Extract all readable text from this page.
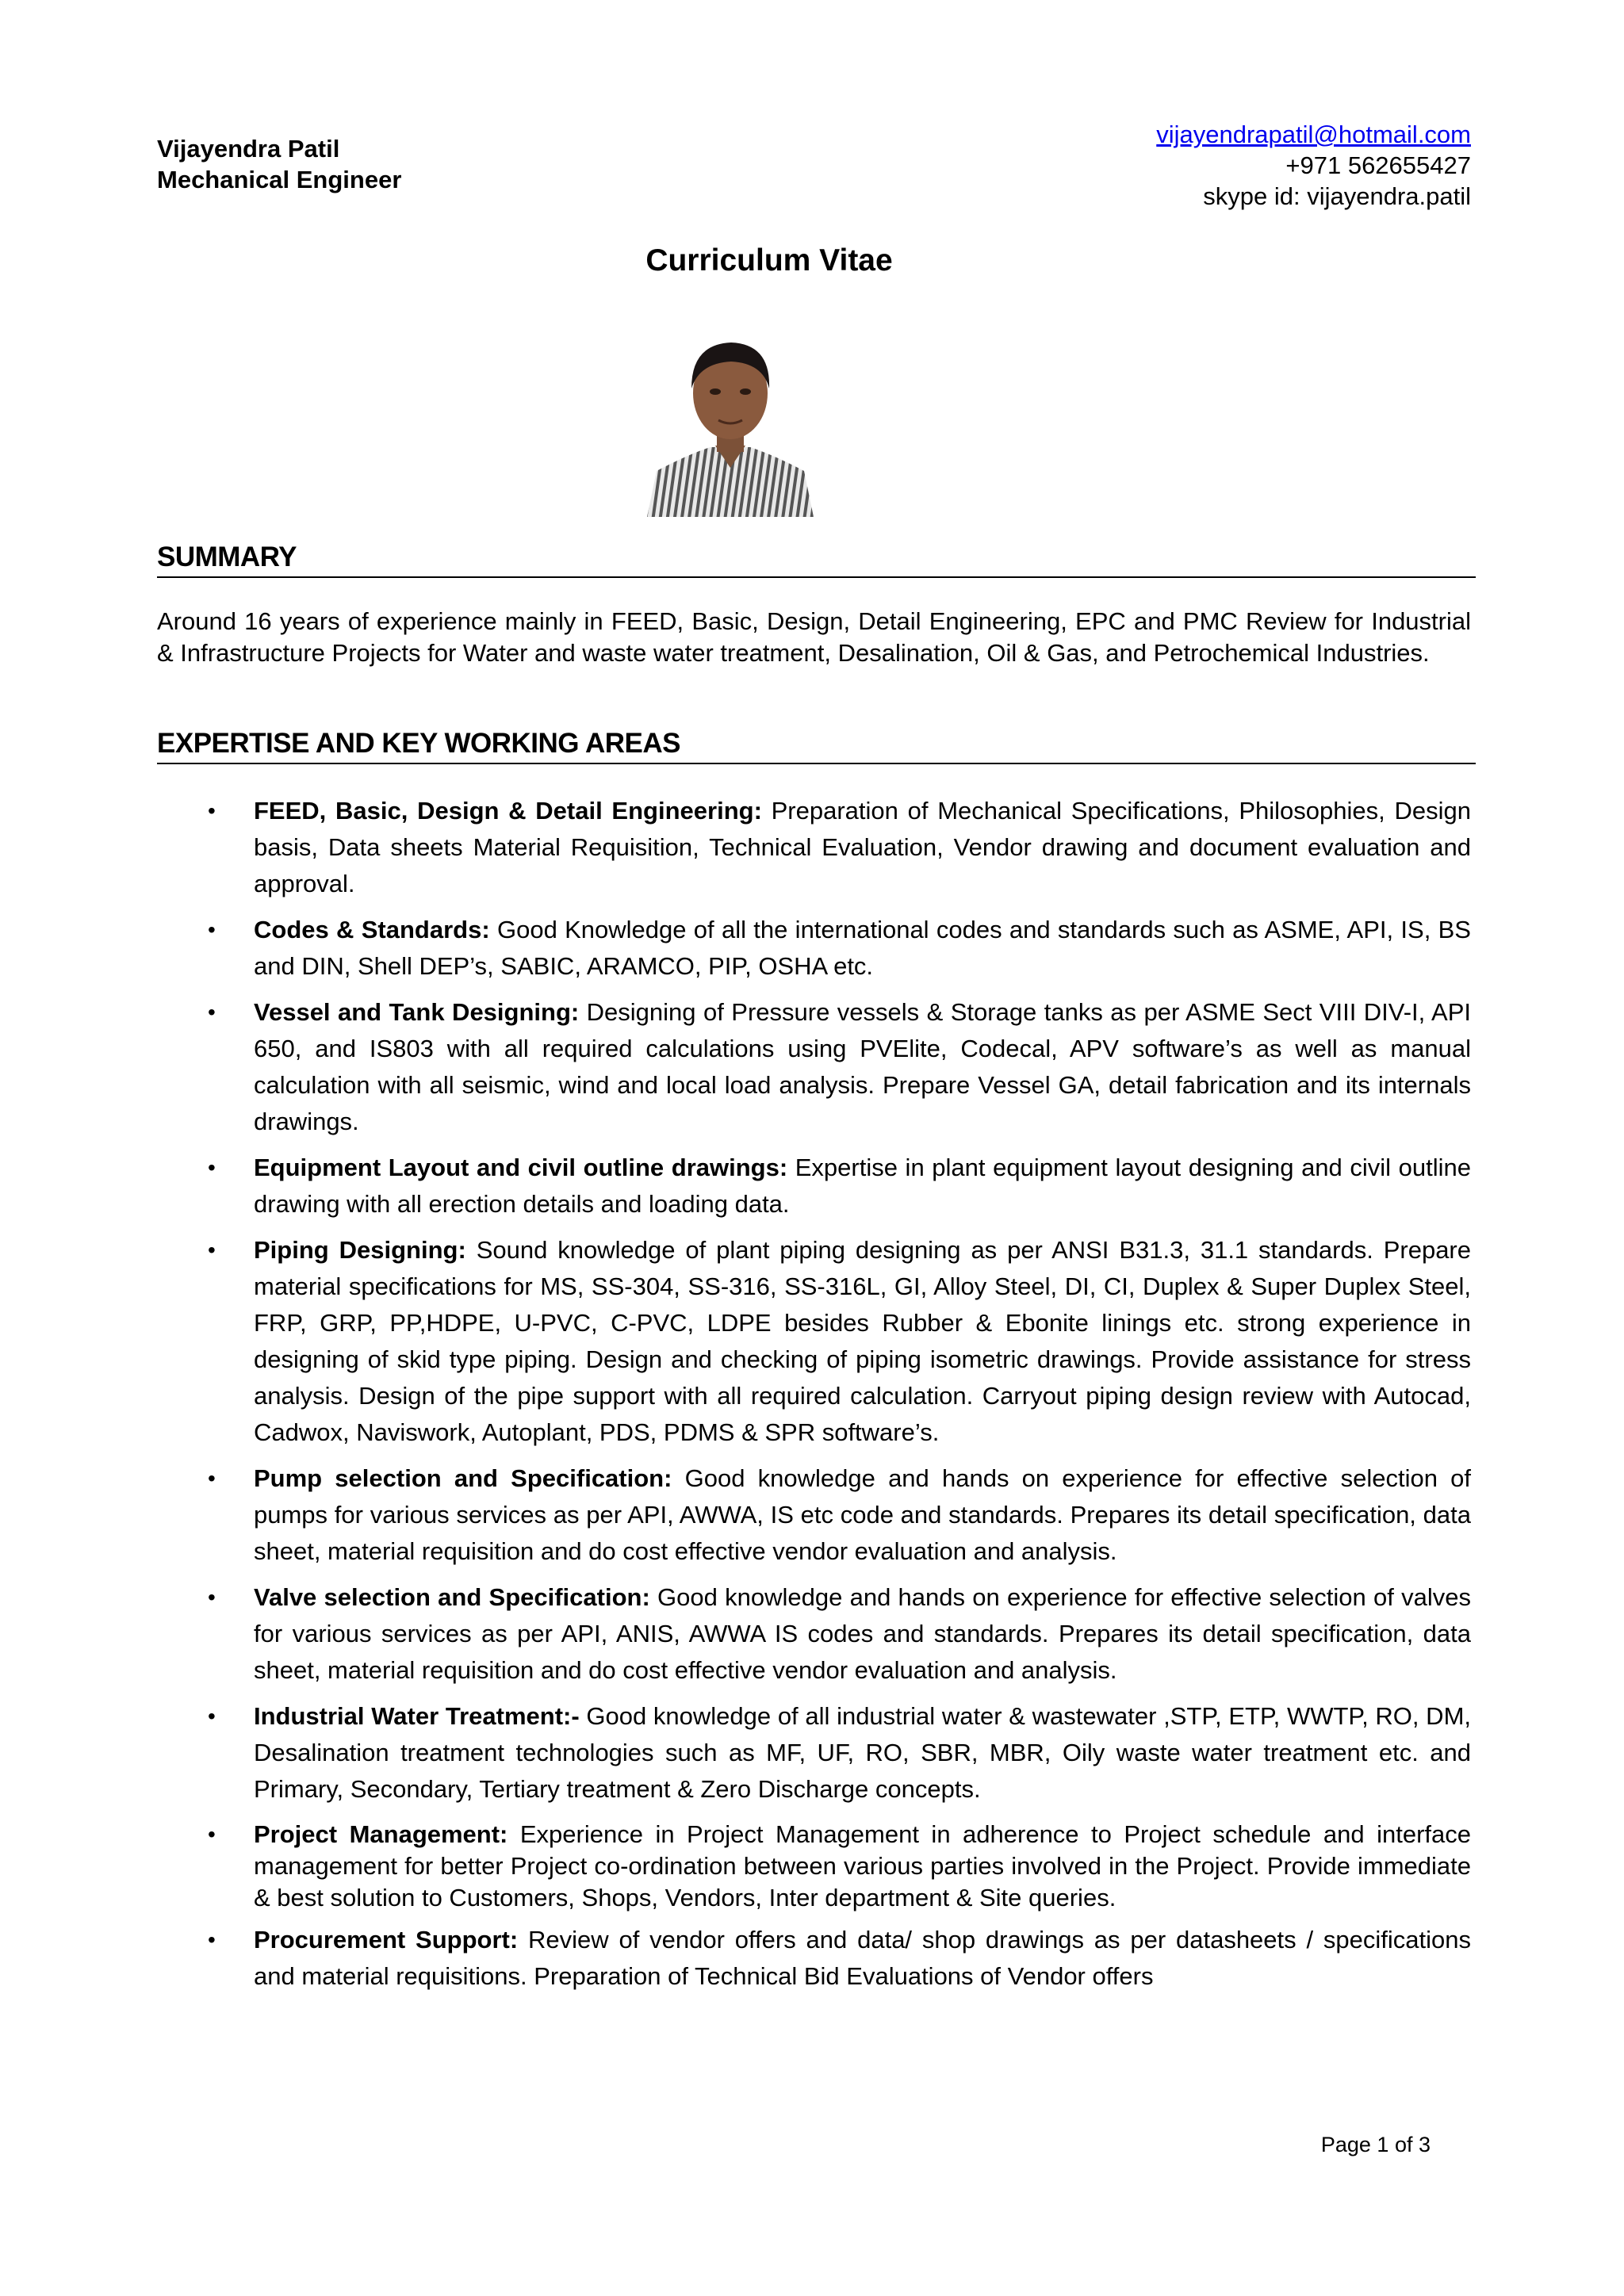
Vijayendra Patil
Mechanical Engineer
vijayendrapatil@hotmail.com
+971 562655427
skype id: vijayendra.patil
Curriculum Vitae
SUMMARY
Around 16 years of experience mainly in FEED, Basic, Design, Detail Engineering, EPC and PMC Review for Industrial & Infrastructure Projects for Water and waste water treatment, Desalination, Oil & Gas, and Petrochemical Industries.
EXPERTISE AND KEY WORKING AREAS
• FEED, Basic, Design & Detail Engineering: Preparation of Mechanical Specifications, Philosophies, Design basis, Data sheets Material Requisition, Technical Evaluation, Vendor drawing and document evaluation and approval.
• Codes & Standards: Good Knowledge of all the international codes and standards such as ASME, API, IS, BS and DIN, Shell DEP’s, SABIC, ARAMCO, PIP, OSHA etc.
• Vessel and Tank Designing: Designing of Pressure vessels & Storage tanks as per ASME Sect VIII DIV-I, API 650, and IS803 with all required calculations using PVElite, Codecal, APV software’s as well as manual calculation with all seismic, wind and local load analysis. Prepare Vessel GA, detail fabrication and its internals drawings.
• Equipment Layout and civil outline drawings: Expertise in plant equipment layout designing and civil outline drawing with all erection details and loading data.
• Piping Designing: Sound knowledge of plant piping designing as per ANSI B31.3, 31.1 standards. Prepare material specifications for MS, SS-304, SS-316, SS-316L, GI, Alloy Steel, DI, CI, Duplex & Super Duplex Steel, FRP, GRP, PP,HDPE, U-PVC, C-PVC, LDPE besides Rubber & Ebonite linings etc. strong experience in designing of skid type piping. Design and checking of piping isometric drawings. Provide assistance for stress analysis. Design of the pipe support with all required calculation. Carryout piping design review with Autocad, Cadwox, Naviswork, Autoplant, PDS, PDMS & SPR software’s.
• Pump selection and Specification: Good knowledge and hands on experience for effective selection of pumps for various services as per API, AWWA, IS etc code and standards. Prepares its detail specification, data sheet, material requisition and do cost effective vendor evaluation and analysis.
• Valve selection and Specification: Good knowledge and hands on experience for effective selection of valves for various services as per API, ANIS, AWWA IS codes and standards. Prepares its detail specification, data sheet, material requisition and do cost effective vendor evaluation and analysis.
• Industrial Water Treatment:- Good knowledge of all industrial water & wastewater ,STP, ETP, WWTP, RO, DM, Desalination treatment technologies such as MF, UF, RO, SBR, MBR, Oily waste water treatment etc. and Primary, Secondary, Tertiary treatment & Zero Discharge concepts.
• Project Management: Experience in Project Management in adherence to Project schedule and interface management for better Project co-ordination between various parties involved in the Project. Provide immediate & best solution to Customers, Shops, Vendors, Inter department & Site queries.
• Procurement Support: Review of vendor offers and data/ shop drawings as per datasheets / specifications and material requisitions. Preparation of Technical Bid Evaluations of Vendor offers
Page 1 of 3
